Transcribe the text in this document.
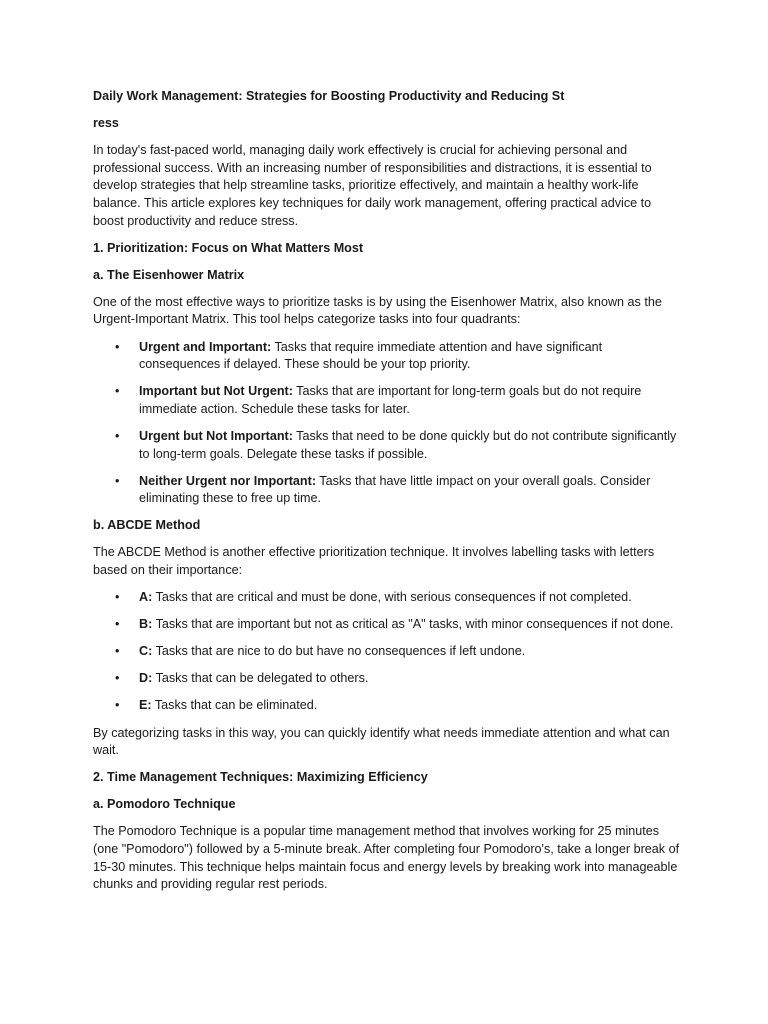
Daily Work Management: Strategies for Boosting Productivity and Reducing St
ress
In today's fast-paced world, managing daily work effectively is crucial for achieving personal and professional success. With an increasing number of responsibilities and distractions, it is essential to develop strategies that help streamline tasks, prioritize effectively, and maintain a healthy work-life balance. This article explores key techniques for daily work management, offering practical advice to boost productivity and reduce stress.
1. Prioritization: Focus on What Matters Most
a. The Eisenhower Matrix
One of the most effective ways to prioritize tasks is by using the Eisenhower Matrix, also known as the Urgent-Important Matrix. This tool helps categorize tasks into four quadrants:
• Urgent and Important: Tasks that require immediate attention and have significant consequences if delayed. These should be your top priority.
• Important but Not Urgent: Tasks that are important for long-term goals but do not require immediate action. Schedule these tasks for later.
• Urgent but Not Important: Tasks that need to be done quickly but do not contribute significantly to long-term goals. Delegate these tasks if possible.
• Neither Urgent nor Important: Tasks that have little impact on your overall goals. Consider eliminating these to free up time.
b. ABCDE Method
The ABCDE Method is another effective prioritization technique. It involves labelling tasks with letters based on their importance:
• A: Tasks that are critical and must be done, with serious consequences if not completed.
• B: Tasks that are important but not as critical as "A" tasks, with minor consequences if not done.
• C: Tasks that are nice to do but have no consequences if left undone.
• D: Tasks that can be delegated to others.
• E: Tasks that can be eliminated.
By categorizing tasks in this way, you can quickly identify what needs immediate attention and what can wait.
2. Time Management Techniques: Maximizing Efficiency
a. Pomodoro Technique
The Pomodoro Technique is a popular time management method that involves working for 25 minutes (one "Pomodoro") followed by a 5-minute break. After completing four Pomodoro's, take a longer break of 15-30 minutes. This technique helps maintain focus and energy levels by breaking work into manageable chunks and providing regular rest periods.
